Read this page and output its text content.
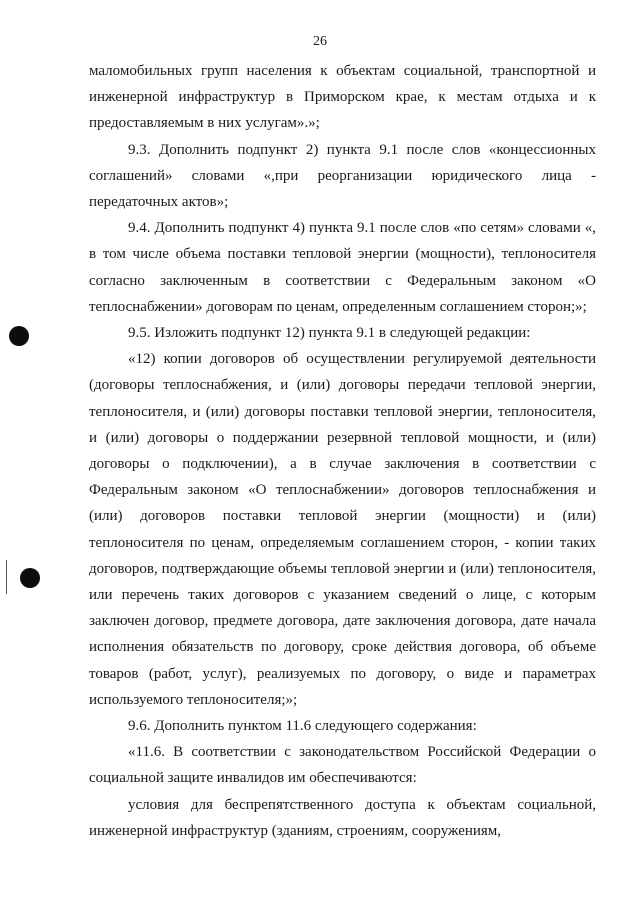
26

маломобильных групп населения к объектам социальной, транспортной и инженерной инфраструктур в Приморском крае, к местам отдыха и к предоставляемым в них услугам».»;

9.3. Дополнить подпункт 2) пункта 9.1 после слов «концессионных соглашений» словами «,при реорганизации юридического лица - передаточных актов»;

9.4. Дополнить подпункт 4) пункта 9.1 после слов «по сетям» словами «, в том числе объема поставки тепловой энергии (мощности), теплоносителя согласно заключенным в соответствии с Федеральным законом «О теплоснабжении» договорам по ценам, определенным соглашением сторон;»;

9.5. Изложить подпункт 12) пункта 9.1 в следующей редакции:

«12) копии договоров об осуществлении регулируемой деятельности (договоры теплоснабжения, и (или) договоры передачи тепловой энергии, теплоносителя, и (или) договоры поставки тепловой энергии, теплоносителя, и (или) договоры о поддержании резервной тепловой мощности, и (или) договоры о подключении), а в случае заключения в соответствии с Федеральным законом «О теплоснабжении» договоров теплоснабжения и (или) договоров поставки тепловой энергии (мощности) и (или) теплоносителя по ценам, определяемым соглашением сторон, - копии таких договоров, подтверждающие объемы тепловой энергии и (или) теплоносителя, или перечень таких договоров с указанием сведений о лице, с которым заключен договор, предмете договора, дате заключения договора, дате начала исполнения обязательств по договору, сроке действия договора, об объеме товаров (работ, услуг), реализуемых по договору, о виде и параметрах используемого теплоносителя;»;

9.6. Дополнить пунктом 11.6 следующего содержания:

«11.6. В соответствии с законодательством Российской Федерации о социальной защите инвалидов им обеспечиваются:

условия для беспрепятственного доступа к объектам социальной, инженерной инфраструктур (зданиям, строениям, сооружениям,
